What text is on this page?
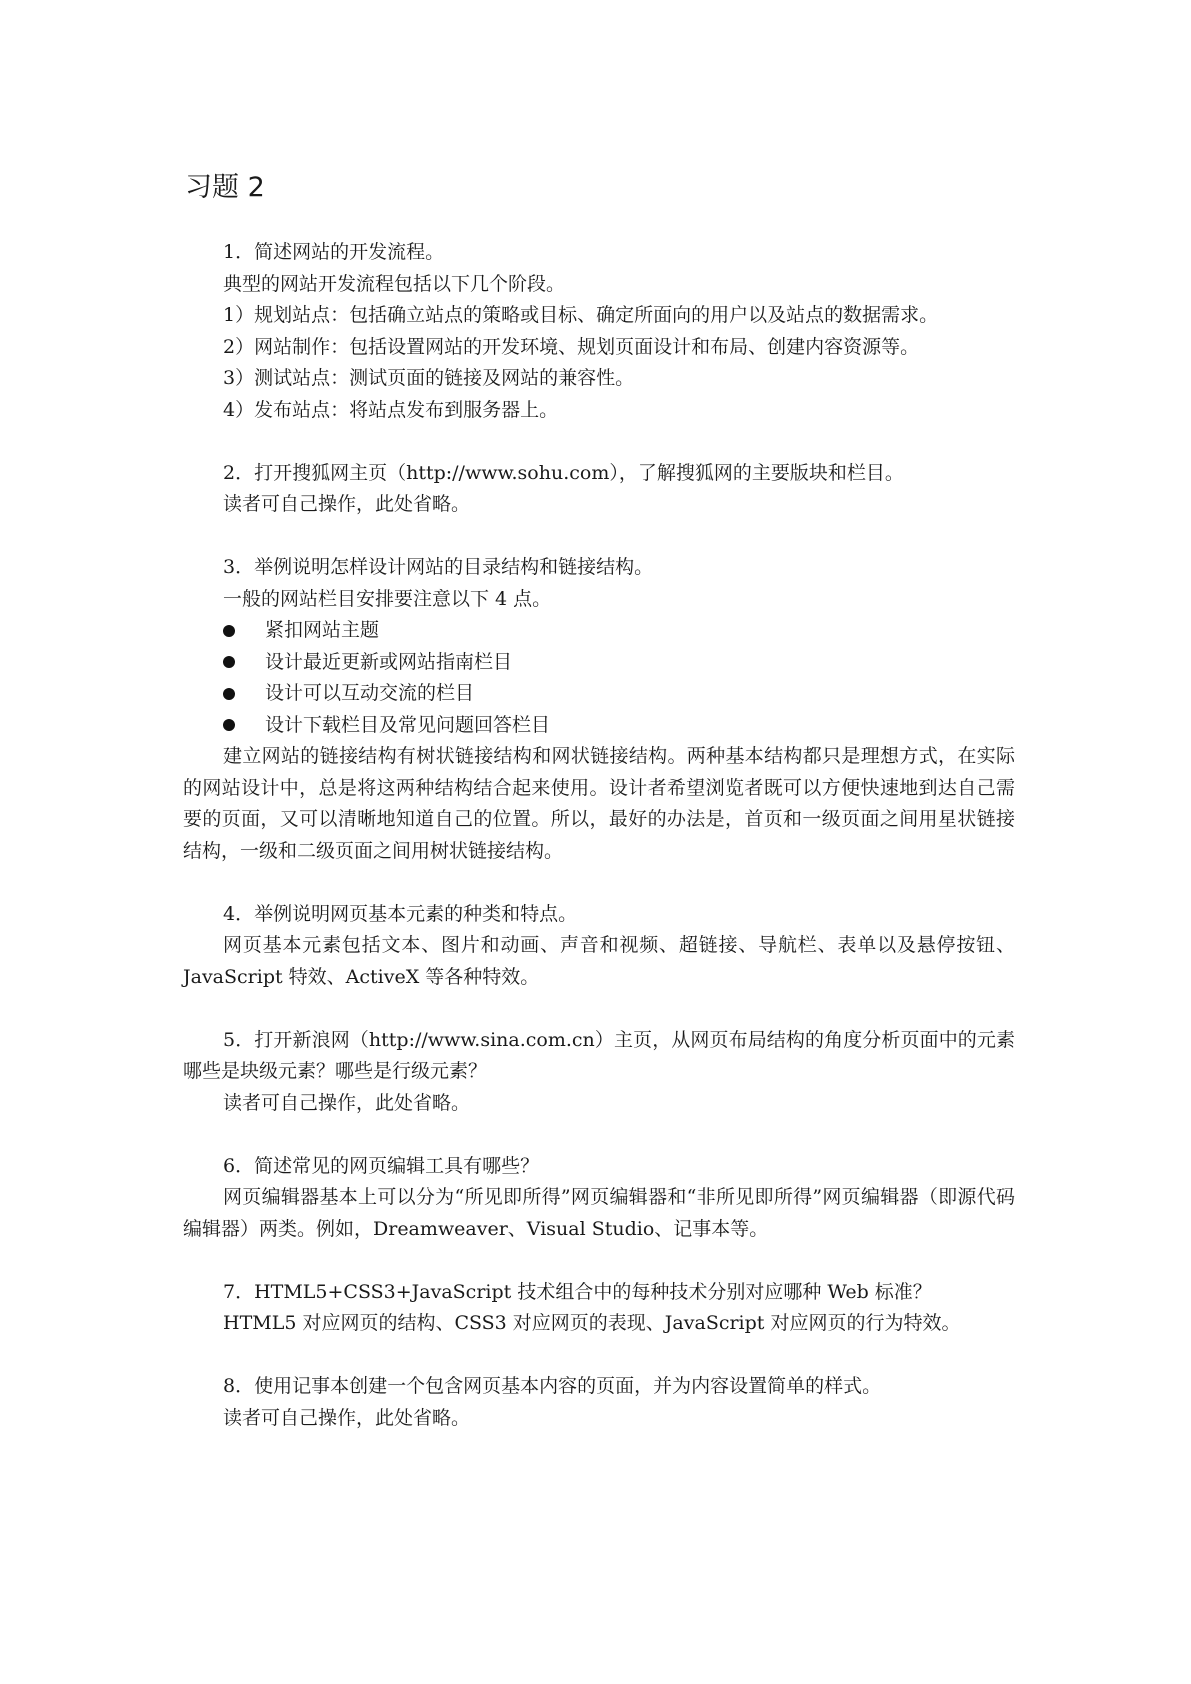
习题 2

1．简述网站的开发流程。

典型的网站开发流程包括以下几个阶段。

1）规划站点：包括确立站点的策略或目标、确定所面向的用户以及站点的数据需求。

2）网站制作：包括设置网站的开发环境、规划页面设计和布局、创建内容资源等。

3）测试站点：测试页面的链接及网站的兼容性。

4）发布站点：将站点发布到服务器上。

2．打开搜狐网主页（http://www.sohu.com），了解搜狐网的主要版块和栏目。

读者可自己操作，此处省略。

3．举例说明怎样设计网站的目录结构和链接结构。

一般的网站栏目安排要注意以下 4 点。

紧扣网站主题

设计最近更新或网站指南栏目

设计可以互动交流的栏目

设计下载栏目及常见问题回答栏目

建立网站的链接结构有树状链接结构和网状链接结构。两种基本结构都只是理想方式，在实际的网站设计中，总是将这两种结构结合起来使用。设计者希望浏览者既可以方便快速地到达自己需要的页面，又可以清晰地知道自己的位置。所以，最好的办法是，首页和一级页面之间用星状链接结构，一级和二级页面之间用树状链接结构。

4．举例说明网页基本元素的种类和特点。

网页基本元素包括文本、图片和动画、声音和视频、超链接、导航栏、表单以及悬停按钮、JavaScript 特效、ActiveX 等各种特效。

5．打开新浪网（http://www.sina.com.cn）主页，从网页布局结构的角度分析页面中的元素哪些是块级元素？哪些是行级元素？

读者可自己操作，此处省略。

6．简述常见的网页编辑工具有哪些？

网页编辑器基本上可以分为“所见即所得”网页编辑器和“非所见即所得”网页编辑器（即源代码编辑器）两类。例如，Dreamweaver、Visual Studio、记事本等。

7．HTML5+CSS3+JavaScript 技术组合中的每种技术分别对应哪种 Web 标准？

HTML5 对应网页的结构、CSS3 对应网页的表现、JavaScript 对应网页的行为特效。

8．使用记事本创建一个包含网页基本内容的页面，并为内容设置简单的样式。

读者可自己操作，此处省略。
